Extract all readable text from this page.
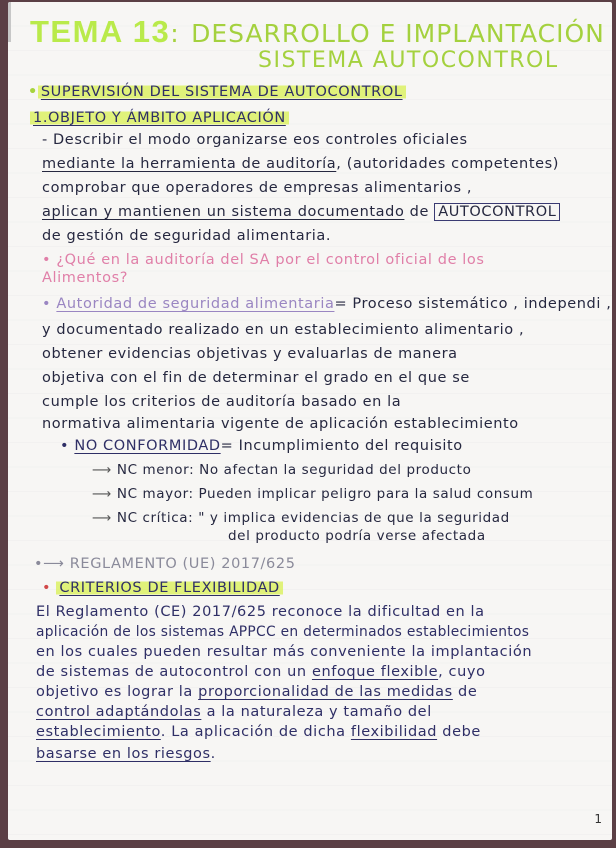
TEMA 13: DESARROLLO E IMPLANTACIÓN
SISTEMA AUTOCONTROL
• SUPERVISIÓN DEL SISTEMA DE AUTOCONTROL
1.OBJETO Y ÁMBITO APLICACIÓN
- Describir el modo organizarse eos controles oficiales
mediante la herramienta de auditoría, (autoridades competentes)
comprobar que operadores de empresas alimentarios ,
aplican y mantienen un sistema documentado de AUTOCONTROL
de gestión de seguridad alimentaria.
• ¿Qué en la auditoría del SA por el control oficial de los
Alimentos?
• Autoridad de seguridad alimentaria= Proceso sistemático , independi ,
y documentado realizado en un establecimiento alimentario ,
obtener evidencias objetivas y evaluarlas de manera
objetiva con el fin de determinar el grado en el que se
cumple los criterios de auditoría basado en la
normativa alimentaria vigente de aplicación establecimiento
• NO CONFORMIDAD= Incumplimiento del requisito
⟶ NC menor: No afectan la seguridad del producto
⟶ NC mayor: Pueden implicar peligro para la salud consum
⟶ NC crítica: " y implica evidencias de que la seguridad
del producto podría verse afectada
•⟶ REGLAMENTO (UE) 2017/625
• CRITERIOS DE FLEXIBILIDAD
El Reglamento (CE) 2017/625 reconoce la dificultad en la
aplicación de los sistemas APPCC en determinados establecimientos
en los cuales pueden resultar más conveniente la implantación
de sistemas de autocontrol con un enfoque flexible, cuyo
objetivo es lograr la proporcionalidad de las medidas de
control adaptándolas a la naturaleza y tamaño del
establecimiento. La aplicación de dicha flexibilidad debe
basarse en los riesgos.
1
